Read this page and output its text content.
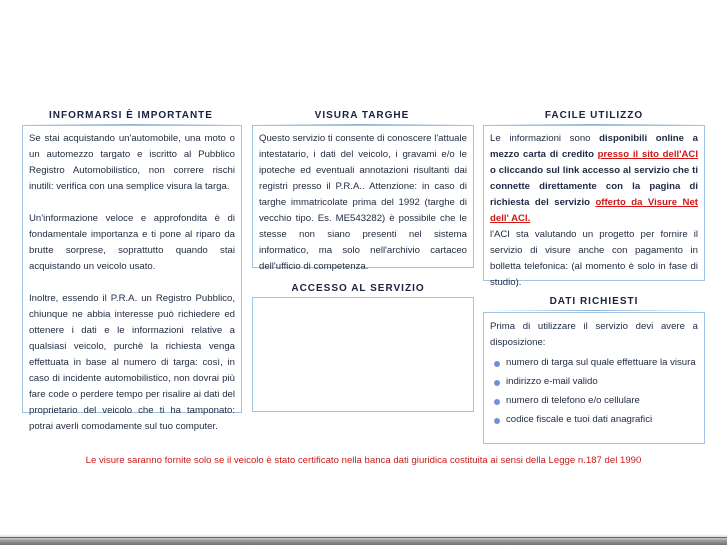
INFORMARSI È IMPORTANTE

Se stai acquistando un'automobile, una moto o un automezzo targato e iscritto al Pubblico Registro Automobilistico, non correre rischi inutili: verifica con una semplice visura la targa.

Un'informazione veloce e approfondita è di fondamentale importanza e ti pone al riparo da brutte sorprese, soprattutto quando stai acquistando un veicolo usato.

Inoltre, essendo il P.R.A. un Registro Pubblico, chiunque ne abbia interesse può richiedere ed ottenere i dati e le informazioni relative a qualsiasi veicolo, purchè la richiesta venga effettuata in base al numero di targa: così, in caso di incidente automobilistico, non dovrai più fare code o perdere tempo per risalire ai dati del proprietario del veicolo che ti ha tamponato: potrai averli comodamente sul tuo computer.

VISURA TARGHE

Questo servizio ti consente di conoscere l'attuale intestatario, i dati del veicolo, i gravami e/o le ipoteche ed eventuali annotazioni risultanti dai registri presso il P.R.A.. Attenzione: in caso di targhe immatricolate prima del 1992 (targhe di vecchio tipo. Es. ME543282) è possibile che le stesse non siano presenti nel sistema informatico, ma solo nell'archivio cartaceo dell'ufficio di competenza.

ACCESSO AL SERVIZIO
FACILE UTILIZZO

Le informazioni sono disponibili online a mezzo carta di credito presso il sito dell'ACI o cliccando sul link accesso al servizio che ti connette direttamente con la pagina di richiesta del servizio offerto da Visure Net dell' ACI.

l'ACI sta valutando un progetto per fornire il servizio di visure anche con pagamento in bolletta telefonica: (al momento è solo in fase di studio).

DATI RICHIESTI

Prima di utilizzare il servizio devi avere a disposizione:

numero di targa sul quale effettuare la visura
indirizzo e-mail valido
numero di telefono e/o cellulare
codice fiscale e tuoi dati anagrafici
Le visure saranno fornite solo se il veicolo è stato certificato nella banca dati giuridica costituita ai sensi della Legge n.187 del 1990
